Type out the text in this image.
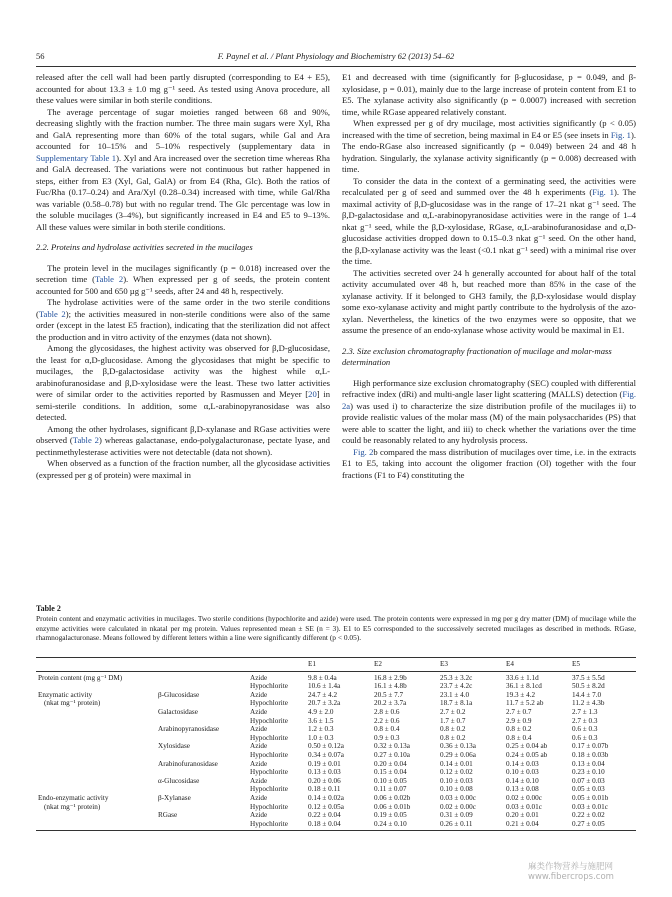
56	F. Paynel et al. / Plant Physiology and Biochemistry 62 (2013) 54–62

released after the cell wall had been partly disrupted (corresponding to E4 + E5), accounted for about 13.3 ± 1.0 mg g⁻¹ seed. As tested using Anova procedure, all these values were similar in both sterile conditions.

The average percentage of sugar moieties ranged between 68 and 90%, decreasing slightly with the fraction number. The three main sugars were Xyl, Rha and GalA representing more than 60% of the total sugars, while Gal and Ara accounted for 10–15% and 5–10% respectively (supplementary data in Supplementary Table 1). Xyl and Ara increased over the secretion time whereas Rha and GalA decreased. The variations were not continuous but rather happened in steps, either from E3 (Xyl, Gal, GalA) or from E4 (Rha, Glc). Both the ratios of Fuc/Rha (0.17–0.24) and Ara/Xyl (0.28–0.34) increased with time, while Gal/Rha was variable (0.58–0.78) but with no regular trend. The Glc percentage was low in the soluble mucilages (3–4%), but significantly increased in E4 and E5 to 9–13%. All these values were similar in both sterile conditions.

2.2. Proteins and hydrolase activities secreted in the mucilages

The protein level in the mucilages significantly (p = 0.018) increased over the secretion time (Table 2). When expressed per g of seeds, the protein content accounted for 500 and 650 µg g⁻¹ seeds, after 24 and 48 h, respectively.

The hydrolase activities were of the same order in the two sterile conditions (Table 2); the activities measured in non-sterile conditions were also of the same order (except in the latest E5 fraction), indicating that the sterilization did not affect the production and in vitro activity of the enzymes (data not shown).

Among the glycosidases, the highest activity was observed for β,D-glucosidase, the least for α,D-glucosidase. Among the glycosidases that might be specific to mucilages, the β,D-galactosidase activity was the highest while α,L-arabinofuranosidase and β,D-xylosidase were the least. These two latter activities were of similar order to the activities reported by Rasmussen and Meyer [20] in semi-sterile conditions. In addition, some α,L-arabinopyranosidase was also detected.

Among the other hydrolases, significant β,D-xylanase and RGase activities were observed (Table 2) whereas galactanase, endo-polygalacturonase, pectate lyase, and pectinmethylesterase activities were not detectable (data not shown).

When observed as a function of the fraction number, all the glycosidase activities (expressed per g of protein) were maximal in

E1 and decreased with time (significantly for β-glucosidase, p = 0.049, and β-xylosidase, p = 0.01), mainly due to the large increase of protein content from E1 to E5. The xylanase activity also significantly (p = 0.0007) increased with secretion time, while RGase appeared relatively constant.

When expressed per g of dry mucilage, most activities significantly (p < 0.05) increased with the time of secretion, being maximal in E4 or E5 (see insets in Fig. 1). The endo-RGase also increased significantly (p = 0.049) between 24 and 48 h hydration. Singularly, the xylanase activity significantly (p = 0.008) decreased with time.

To consider the data in the context of a germinating seed, the activities were recalculated per g of seed and summed over the 48 h experiments (Fig. 1). The maximal activity of β,D-glucosidase was in the range of 17–21 nkat g⁻¹ seed. The β,D-galactosidase and α,L-arabinopyranosidase activities were in the range of 1–4 nkat g⁻¹ seed, while the β,D-xylosidase, RGase, α,L-arabinofuranosidase and α,D-glucosidase activities dropped down to 0.15–0.3 nkat g⁻¹ seed. On the other hand, the β,D-xylanase activity was the least (<0.1 nkat g⁻¹ seed) with a minimal rise over the time.

The activities secreted over 24 h generally accounted for about half of the total activity accumulated over 48 h, but reached more than 85% in the case of the xylanase activity. If it belonged to GH3 family, the β,D-xylosidase would display some exo-xylanase activity and might partly contribute to the hydrolysis of the azo-xylan. Nevertheless, the kinetics of the two enzymes were so opposite, that we assume the presence of an endo-xylanase whose activity would be maximal in E1.

2.3. Size exclusion chromatography fractionation of mucilage and molar-mass determination

High performance size exclusion chromatography (SEC) coupled with differential refractive index (dRi) and multi-angle laser light scattering (MALLS) detection (Fig. 2a) was used i) to characterize the size distribution profile of the mucilages ii) to provide realistic values of the molar mass (M) of the main polysaccharides (PS) that were able to scatter the light, and iii) to check whether the variations over the time could be reasonably related to any hydrolysis process.

Fig. 2b compared the mass distribution of mucilages over time, i.e. in the extracts E1 to E5, taking into account the oligomer fraction (Ol) together with the four fractions (F1 to F4) constituting the

Table 2
Protein content and enzymatic activities in mucilages. Two sterile conditions (hypochlorite and azide) were used. The protein contents were expressed in mg per g dry matter (DM) of mucilage while the enzyme activities were calculated in nkatal per mg protein. Values represented mean ± SE (n = 3). E1 to E5 corresponded to the successively secreted mucilages as described in methods. RGase, rhamnogalacturonase. Means followed by different letters within a line were significantly different (p < 0.05).
			E1	E2	E3	E4	E5
Protein content (mg g⁻¹ DM)		Azide	9.8 ± 0.4a	16.8 ± 2.9b	25.3 ± 3.2c	33.6 ± 1.1d	37.5 ± 5.5d
		Hypochlorite	10.6 ± 1.4a	16.1 ± 4.8b	23.7 ± 4.2c	36.1 ± 8.1cd	50.5 ± 8.2d
Enzymatic activity	β-Glucosidase	Azide	24.7 ± 4.2	20.5 ± 7.7	23.1 ± 4.0	19.3 ± 4.2	14.4 ± 7.0
(nkat mg⁻¹ protein)		Hypochlorite	20.7 ± 3.2a	20.2 ± 3.7a	18.7 ± 8.1a	11.7 ± 5.2 ab	11.2 ± 4.3b
	Galactosidase	Azide	4.9 ± 2.0	2.8 ± 0.6	2.7 ± 0.2	2.7 ± 0.7	2.7 ± 1.3
		Hypochlorite	3.6 ± 1.5	2.2 ± 0.6	1.7 ± 0.7	2.9 ± 0.9	2.7 ± 0.3
	Arabinopyranosidase	Azide	1.2 ± 0.3	0.8 ± 0.4	0.8 ± 0.2	0.8 ± 0.2	0.6 ± 0.3
		Hypochlorite	1.0 ± 0.3	0.9 ± 0.3	0.8 ± 0.2	0.8 ± 0.4	0.6 ± 0.3
	Xylosidase	Azide	0.50 ± 0.12a	0.32 ± 0.13a	0.36 ± 0.13a	0.25 ± 0.04 ab	0.17 ± 0.07b
		Hypochlorite	0.34 ± 0.07a	0.27 ± 0.10a	0.29 ± 0.06a	0.24 ± 0.05 ab	0.18 ± 0.03b
	Arabinofuranosidase	Azide	0.19 ± 0.01	0.20 ± 0.04	0.14 ± 0.01	0.14 ± 0.03	0.13 ± 0.04
		Hypochlorite	0.13 ± 0.03	0.15 ± 0.04	0.12 ± 0.02	0.10 ± 0.03	0.23 ± 0.10
	α-Glucosidase	Azide	0.20 ± 0.06	0.10 ± 0.05	0.10 ± 0.03	0.14 ± 0.10	0.07 ± 0.03
		Hypochlorite	0.18 ± 0.11	0.11 ± 0.07	0.10 ± 0.08	0.13 ± 0.08	0.05 ± 0.03
Endo-enzymatic activity	β-Xylanase	Azide	0.14 ± 0.02a	0.06 ± 0.02b	0.03 ± 0.00c	0.02 ± 0.00c	0.05 ± 0.01b
(nkat mg⁻¹ protein)		Hypochlorite	0.12 ± 0.05a	0.06 ± 0.01b	0.02 ± 0.00c	0.03 ± 0.01c	0.03 ± 0.01c
	RGase	Azide	0.22 ± 0.04	0.19 ± 0.05	0.31 ± 0.09	0.20 ± 0.01	0.22 ± 0.02
		Hypochlorite	0.18 ± 0.04	0.24 ± 0.10	0.26 ± 0.11	0.21 ± 0.04	0.27 ± 0.05
麻类作物营养与施肥网
www.fibercrops.com
